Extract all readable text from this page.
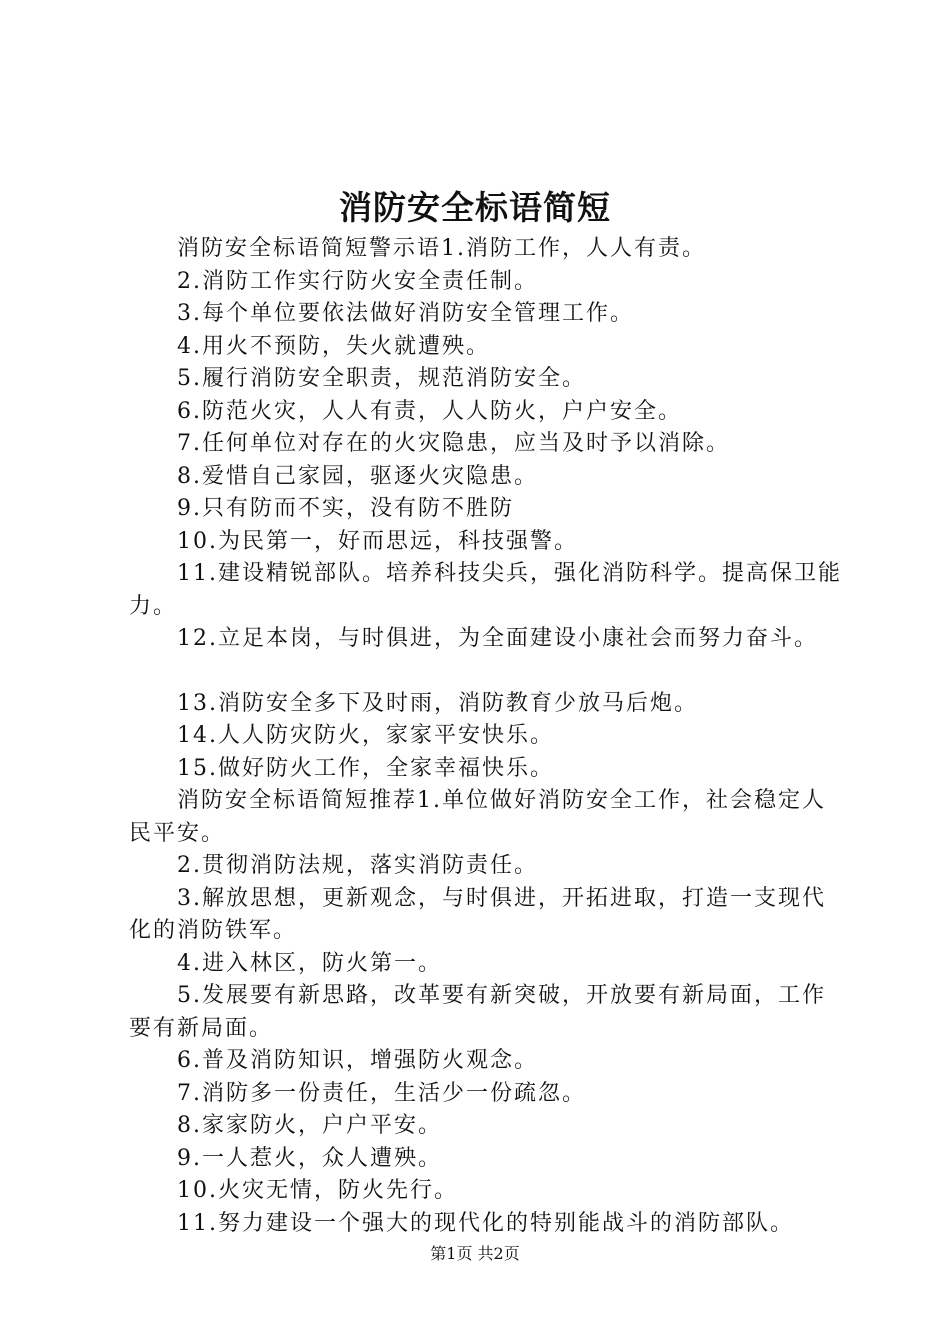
消防安全标语简短

消防安全标语简短警示语1.消防工作，人人有责。

2.消防工作实行防火安全责任制。

3.每个单位要依法做好消防安全管理工作。

4.用火不预防，失火就遭殃。

5.履行消防安全职责，规范消防安全。

6.防范火灾，人人有责，人人防火，户户安全。

7.任何单位对存在的火灾隐患，应当及时予以消除。

8.爱惜自己家园，驱逐火灾隐患。

9.只有防而不实，没有防不胜防

10.为民第一，好而思远，科技强警。

11.建设精锐部队。培养科技尖兵，强化消防科学。提高保卫能力。

12.立足本岗，与时俱进，为全面建设小康社会而努力奋斗。

13.消防安全多下及时雨，消防教育少放马后炮。

14.人人防灾防火，家家平安快乐。

15.做好防火工作，全家幸福快乐。

消防安全标语简短推荐1.单位做好消防安全工作，社会稳定人民平安。

2.贯彻消防法规，落实消防责任。

3.解放思想，更新观念，与时俱进，开拓进取，打造一支现代化的消防铁军。

4.进入林区，防火第一。

5.发展要有新思路，改革要有新突破，开放要有新局面，工作要有新局面。

6.普及消防知识，增强防火观念。

7.消防多一份责任，生活少一份疏忽。

8.家家防火，户户平安。

9.一人惹火，众人遭殃。

10.火灾无情，防火先行。

11.努力建设一个强大的现代化的特别能战斗的消防部队。

第1页 共2页
